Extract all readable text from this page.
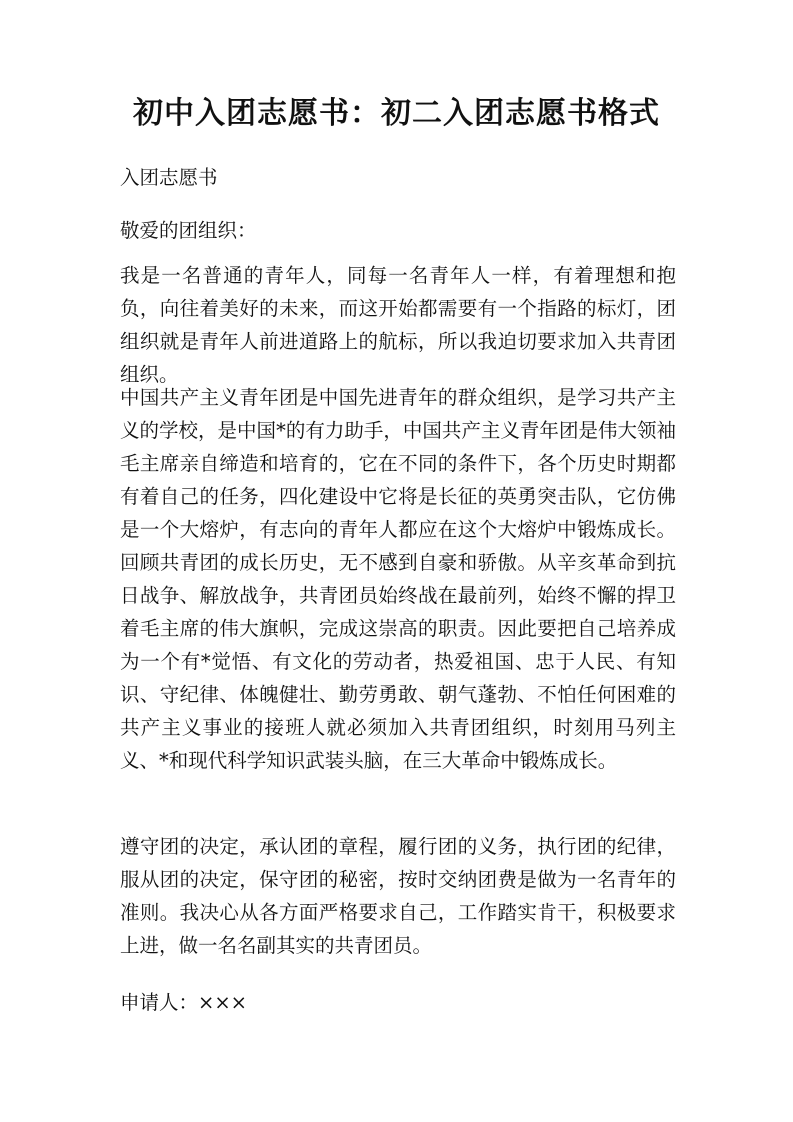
初中入团志愿书：初二入团志愿书格式

入团志愿书

敬爱的团组织：

我是一名普通的青年人，同每一名青年人一样，有着理想和抱负，向往着美好的未来，而这开始都需要有一个指路的标灯，团组织就是青年人前进道路上的航标，所以我迫切要求加入共青团组织。

中国共产主义青年团是中国先进青年的群众组织，是学习共产主义的学校，是中国*的有力助手，中国共产主义青年团是伟大领袖毛主席亲自缔造和培育的，它在不同的条件下，各个历史时期都有着自己的任务，四化建设中它将是长征的英勇突击队，它仿佛是一个大熔炉，有志向的青年人都应在这个大熔炉中锻炼成长。回顾共青团的成长历史，无不感到自豪和骄傲。从辛亥革命到抗日战争、解放战争，共青团员始终战在最前列，始终不懈的捍卫着毛主席的伟大旗帜，完成这崇高的职责。因此要把自己培养成为一个有*觉悟、有文化的劳动者，热爱祖国、忠于人民、有知识、守纪律、体魄健壮、勤劳勇敢、朝气蓬勃、不怕任何困难的共产主义事业的接班人就必须加入共青团组织，时刻用马列主义、*和现代科学知识武装头脑，在三大革命中锻炼成长。

遵守团的决定，承认团的章程，履行团的义务，执行团的纪律，服从团的决定，保守团的秘密，按时交纳团费是做为一名青年的准则。我决心从各方面严格要求自己，工作踏实肯干，积极要求上进，做一名名副其实的共青团员。

申请人：×××
